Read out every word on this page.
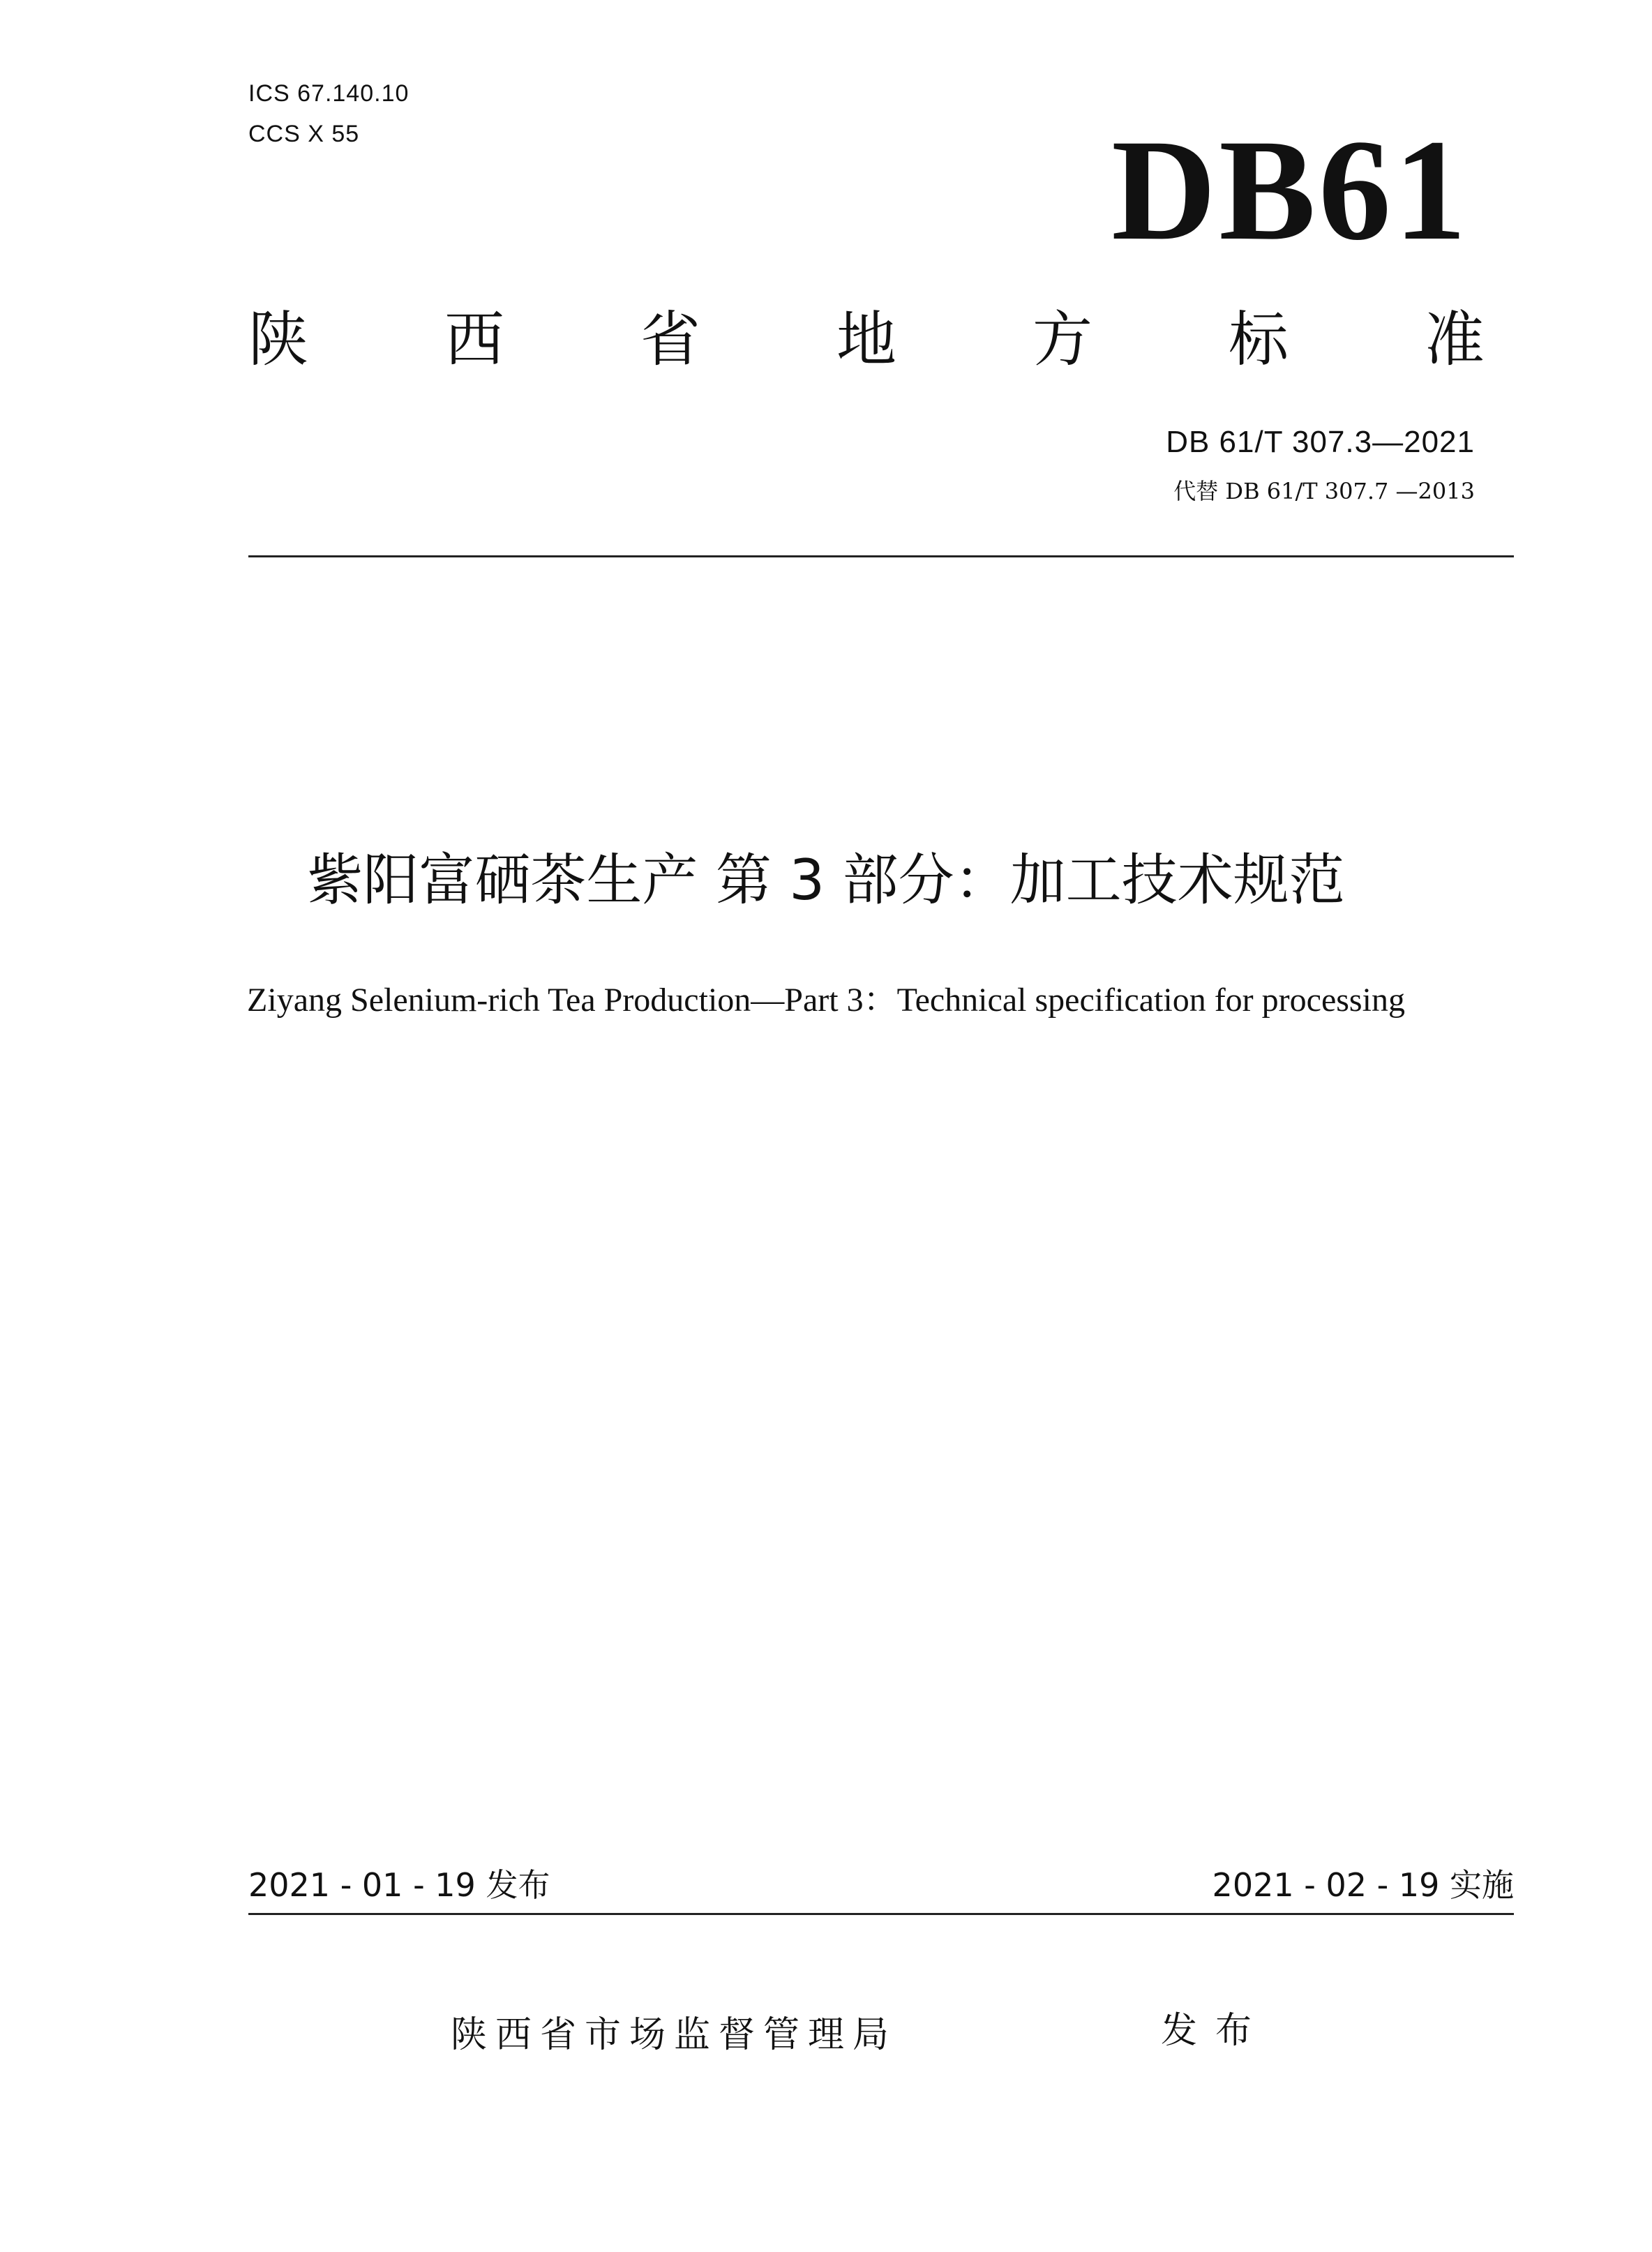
ICS 67.140.10
CCS X 55	DB61
陕 西 省 地 方 标 准
DB 61/T 307.3—2021
代替 DB 61/T 307.7 —2013
紫阳富硒茶生产 第 3 部分：加工技术规范
Ziyang Selenium-rich Tea Production—Part 3：Technical specification for processing
2021 - 01 - 19 发布	2021 - 02 - 19 实施
陕西省市场监督管理局	发布
